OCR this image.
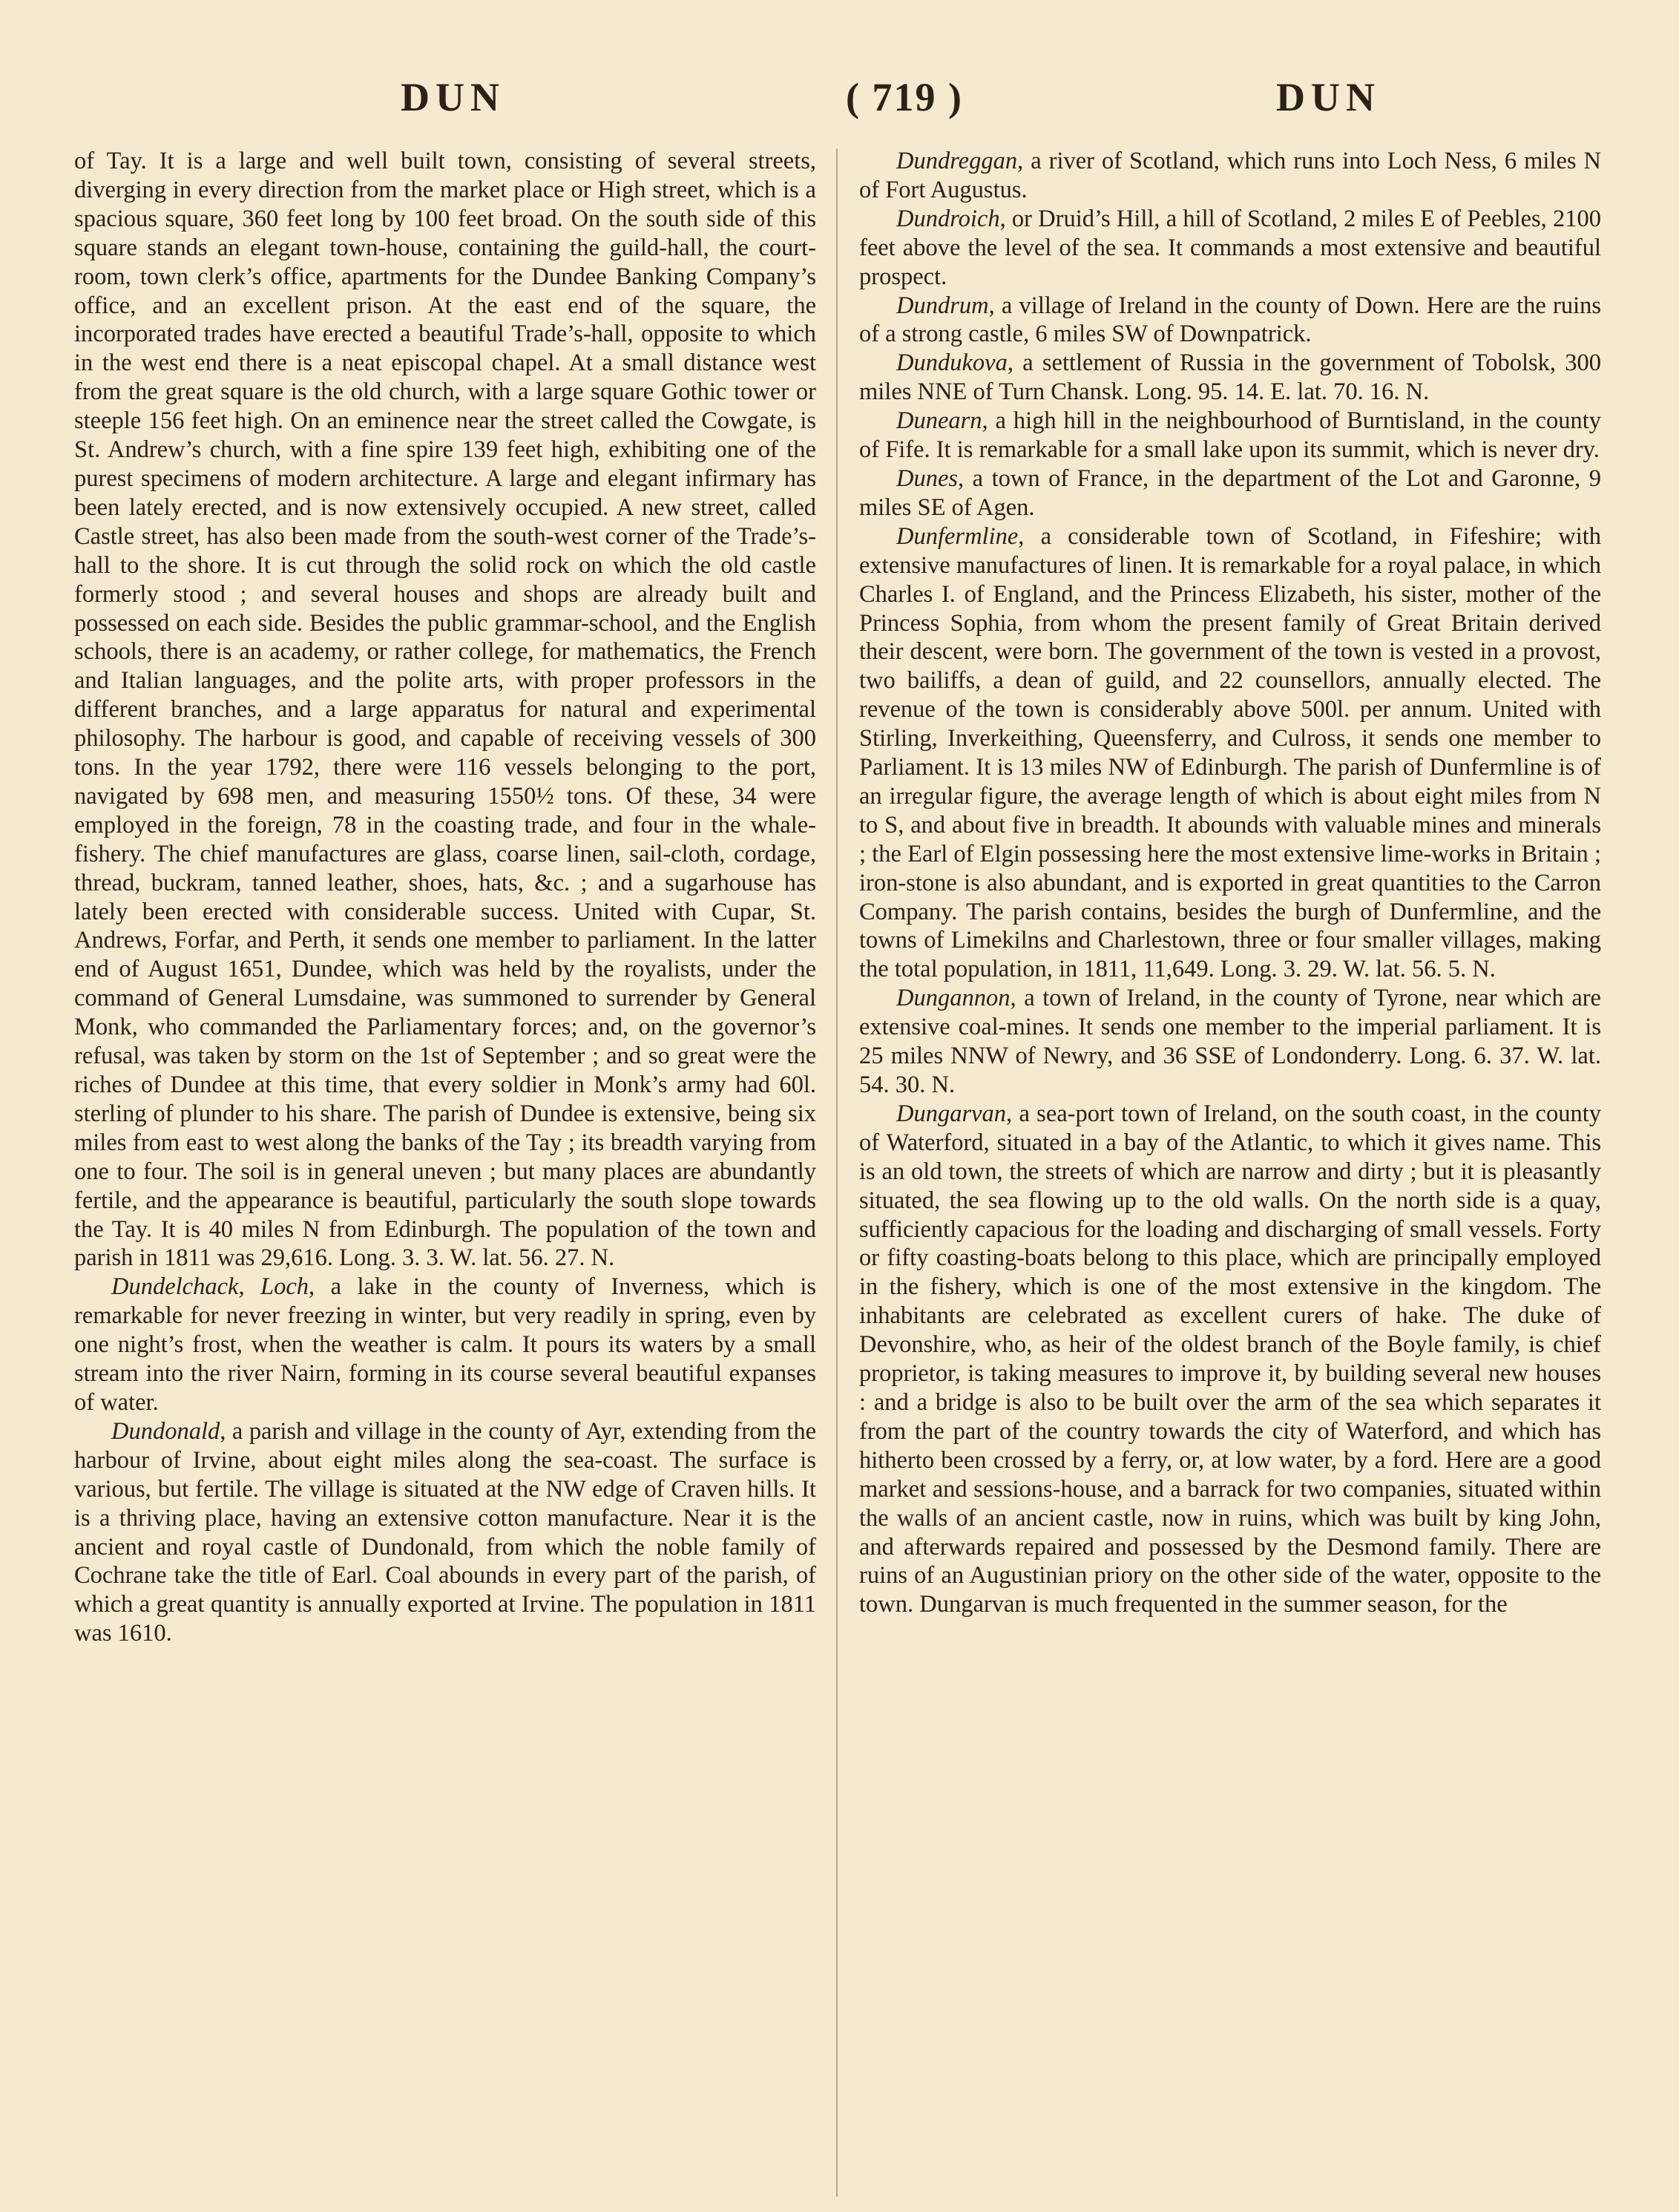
DUN	( 719 )	DUN

of Tay. It is a large and well built town, consisting of several streets, diverging in every direction from the market place or High street, which is a spacious square, 360 feet long by 100 feet broad. On the south side of this square stands an elegant town-house, containing the guild-hall, the court-room, town clerk’s office, apartments for the Dundee Banking Company’s office, and an excellent prison. At the east end of the square, the incorporated trades have erected a beautiful Trade’s-hall, opposite to which in the west end there is a neat episcopal chapel. At a small distance west from the great square is the old church, with a large square Gothic tower or steeple 156 feet high. On an eminence near the street called the Cowgate, is St. Andrew’s church, with a fine spire 139 feet high, exhibiting one of the purest specimens of modern architecture. A large and elegant infirmary has been lately erected, and is now extensively occupied. A new street, called Castle street, has also been made from the south-west corner of the Trade’s-hall to the shore. It is cut through the solid rock on which the old castle formerly stood ; and several houses and shops are already built and possessed on each side. Besides the public grammar-school, and the English schools, there is an academy, or rather college, for mathematics, the French and Italian languages, and the polite arts, with proper professors in the different branches, and a large apparatus for natural and experimental philosophy. The harbour is good, and capable of receiving vessels of 300 tons. In the year 1792, there were 116 vessels belonging to the port, navigated by 698 men, and measuring 1550½ tons. Of these, 34 were employed in the foreign, 78 in the coasting trade, and four in the whale-fishery. The chief manufactures are glass, coarse linen, sail-cloth, cordage, thread, buckram, tanned leather, shoes, hats, &c. ; and a sugarhouse has lately been erected with considerable success. United with Cupar, St. Andrews, Forfar, and Perth, it sends one member to parliament. In the latter end of August 1651, Dundee, which was held by the royalists, under the command of General Lumsdaine, was summoned to surrender by General Monk, who commanded the Parliamentary forces; and, on the governor’s refusal, was taken by storm on the 1st of September ; and so great were the riches of Dundee at this time, that every soldier in Monk’s army had 60l. sterling of plunder to his share. The parish of Dundee is extensive, being six miles from east to west along the banks of the Tay ; its breadth varying from one to four. The soil is in general uneven ; but many places are abundantly fertile, and the appearance is beautiful, particularly the south slope towards the Tay. It is 40 miles N from Edinburgh. The population of the town and parish in 1811 was 29,616. Long. 3. 3. W. lat. 56. 27. N.

Dundelchack, Loch, a lake in the county of Inverness, which is remarkable for never freezing in winter, but very readily in spring, even by one night’s frost, when the weather is calm. It pours its waters by a small stream into the river Nairn, forming in its course several beautiful expanses of water.

Dundonald, a parish and village in the county of Ayr, extending from the harbour of Irvine, about eight miles along the sea-coast. The surface is various, but fertile. The village is situated at the NW edge of Craven hills. It is a thriving place, having an extensive cotton manufacture. Near it is the ancient and royal castle of Dundonald, from which the noble family of Cochrane take the title of Earl. Coal abounds in every part of the parish, of which a great quantity is annually exported at Irvine. The population in 1811 was 1610.

Dundreggan, a river of Scotland, which runs into Loch Ness, 6 miles N of Fort Augustus.

Dundroich, or Druid’s Hill, a hill of Scotland, 2 miles E of Peebles, 2100 feet above the level of the sea. It commands a most extensive and beautiful prospect.

Dundrum, a village of Ireland in the county of Down. Here are the ruins of a strong castle, 6 miles SW of Downpatrick.

Dundukova, a settlement of Russia in the government of Tobolsk, 300 miles NNE of Turn Chansk. Long. 95. 14. E. lat. 70. 16. N.

Dunearn, a high hill in the neighbourhood of Burntisland, in the county of Fife. It is remarkable for a small lake upon its summit, which is never dry.

Dunes, a town of France, in the department of the Lot and Garonne, 9 miles SE of Agen.

Dunfermline, a considerable town of Scotland, in Fifeshire; with extensive manufactures of linen. It is remarkable for a royal palace, in which Charles I. of England, and the Princess Elizabeth, his sister, mother of the Princess Sophia, from whom the present family of Great Britain derived their descent, were born. The government of the town is vested in a provost, two bailiffs, a dean of guild, and 22 counsellors, annually elected. The revenue of the town is considerably above 500l. per annum. United with Stirling, Inverkeithing, Queensferry, and Culross, it sends one member to Parliament. It is 13 miles NW of Edinburgh. The parish of Dunfermline is of an irregular figure, the average length of which is about eight miles from N to S, and about five in breadth. It abounds with valuable mines and minerals ; the Earl of Elgin possessing here the most extensive lime-works in Britain ; iron-stone is also abundant, and is exported in great quantities to the Carron Company. The parish contains, besides the burgh of Dunfermline, and the towns of Limekilns and Charlestown, three or four smaller villages, making the total population, in 1811, 11,649. Long. 3. 29. W. lat. 56. 5. N.

Dungannon, a town of Ireland, in the county of Tyrone, near which are extensive coal-mines. It sends one member to the imperial parliament. It is 25 miles NNW of Newry, and 36 SSE of Londonderry. Long. 6. 37. W. lat. 54. 30. N.

Dungarvan, a sea-port town of Ireland, on the south coast, in the county of Waterford, situated in a bay of the Atlantic, to which it gives name. This is an old town, the streets of which are narrow and dirty ; but it is pleasantly situated, the sea flowing up to the old walls. On the north side is a quay, sufficiently capacious for the loading and discharging of small vessels. Forty or fifty coasting-boats belong to this place, which are principally employed in the fishery, which is one of the most extensive in the kingdom. The inhabitants are celebrated as excellent curers of hake. The duke of Devonshire, who, as heir of the oldest branch of the Boyle family, is chief proprietor, is taking measures to improve it, by building several new houses : and a bridge is also to be built over the arm of the sea which separates it from the part of the country towards the city of Waterford, and which has hitherto been crossed by a ferry, or, at low water, by a ford. Here are a good market and sessions-house, and a barrack for two companies, situated within the walls of an ancient castle, now in ruins, which was built by king John, and afterwards repaired and possessed by the Desmond family. There are ruins of an Augustinian priory on the other side of the water, opposite to the town. Dungarvan is much frequented in the summer season, for the
